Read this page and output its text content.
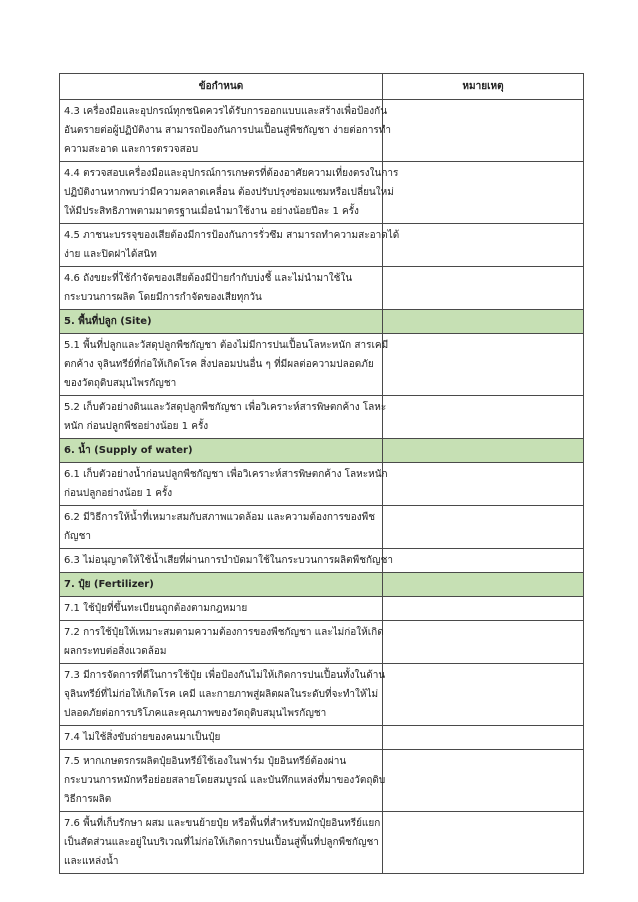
ข้อกำหนด	หมายเหตุ

4.3 เครื่องมือและอุปกรณ์ทุกชนิดควรได้รับการออกแบบและสร้างเพื่อป้องกัน
อันตรายต่อผู้ปฏิบัติงาน สามารถป้องกันการปนเปื้อนสู่พืชกัญชา ง่ายต่อการทำ
ความสะอาด และการตรวจสอบ	

4.4 ตรวจสอบเครื่องมือและอุปกรณ์การเกษตรที่ต้องอาศัยความเที่ยงตรงในการ
ปฏิบัติงานหากพบว่ามีความคลาดเคลื่อน ต้องปรับปรุงซ่อมแซมหรือเปลี่ยนใหม่
ให้มีประสิทธิภาพตามมาตรฐานเมื่อนำมาใช้งาน อย่างน้อยปีละ 1 ครั้ง	

4.5 ภาชนะบรรจุของเสียต้องมีการป้องกันการรั่วซึม สามารถทำความสะอาดได้
ง่าย และปิดฝาได้สนิท	

4.6 ถังขยะที่ใช้กำจัดของเสียต้องมีป้ายกำกับบ่งชี้ และไม่นำมาใช้ใน
กระบวนการผลิต โดยมีการกำจัดของเสียทุกวัน	

5. พื้นที่ปลูก (Site)	

5.1 พื้นที่ปลูกและวัสดุปลูกพืชกัญชา ต้องไม่มีการปนเปื้อนโลหะหนัก สารเคมี
ตกค้าง จุลินทรีย์ที่ก่อให้เกิดโรค สิ่งปลอมปนอื่น ๆ ที่มีผลต่อความปลอดภัย
ของวัตถุดิบสมุนไพรกัญชา	

5.2 เก็บตัวอย่างดินและวัสดุปลูกพืชกัญชา เพื่อวิเคราะห์สารพิษตกค้าง โลหะ
หนัก ก่อนปลูกพืชอย่างน้อย 1 ครั้ง	

6. น้ำ (Supply of water)	

6.1 เก็บตัวอย่างน้ำก่อนปลูกพืชกัญชา เพื่อวิเคราะห์สารพิษตกค้าง โลหะหนัก
ก่อนปลูกอย่างน้อย 1 ครั้ง	

6.2 มีวิธีการให้น้ำที่เหมาะสมกับสภาพแวดล้อม และความต้องการของพืช
กัญชา	

6.3 ไม่อนุญาตให้ใช้น้ำเสียที่ผ่านการบำบัดมาใช้ในกระบวนการผลิตพืชกัญชา	

7. ปุ๋ย (Fertilizer)	

7.1 ใช้ปุ๋ยที่ขึ้นทะเบียนถูกต้องตามกฎหมาย	

7.2 การใช้ปุ๋ยให้เหมาะสมตามความต้องการของพืชกัญชา และไม่ก่อให้เกิด
ผลกระทบต่อสิ่งแวดล้อม	

7.3 มีการจัดการที่ดีในการใช้ปุ๋ย เพื่อป้องกันไม่ให้เกิดการปนเปื้อนทั้งในด้าน
จุลินทรีย์ที่ไม่ก่อให้เกิดโรค เคมี และกายภาพสู่ผลิตผลในระดับที่จะทำให้ไม่
ปลอดภัยต่อการบริโภคและคุณภาพของวัตถุดิบสมุนไพรกัญชา	

7.4 ไม่ใช้สิ่งขับถ่ายของคนมาเป็นปุ๋ย	

7.5 หากเกษตรกรผลิตปุ๋ยอินทรีย์ใช้เองในฟาร์ม ปุ๋ยอินทรีย์ต้องผ่าน
กระบวนการหมักหรือย่อยสลายโดยสมบูรณ์ และบันทึกแหล่งที่มาของวัตถุดิบ
วิธีการผลิต	

7.6 พื้นที่เก็บรักษา ผสม และขนย้ายปุ๋ย หรือพื้นที่สำหรับหมักปุ๋ยอินทรีย์แยก
เป็นสัดส่วนและอยู่ในบริเวณที่ไม่ก่อให้เกิดการปนเปื้อนสู่พื้นที่ปลูกพืชกัญชา
และแหล่งน้ำ	
